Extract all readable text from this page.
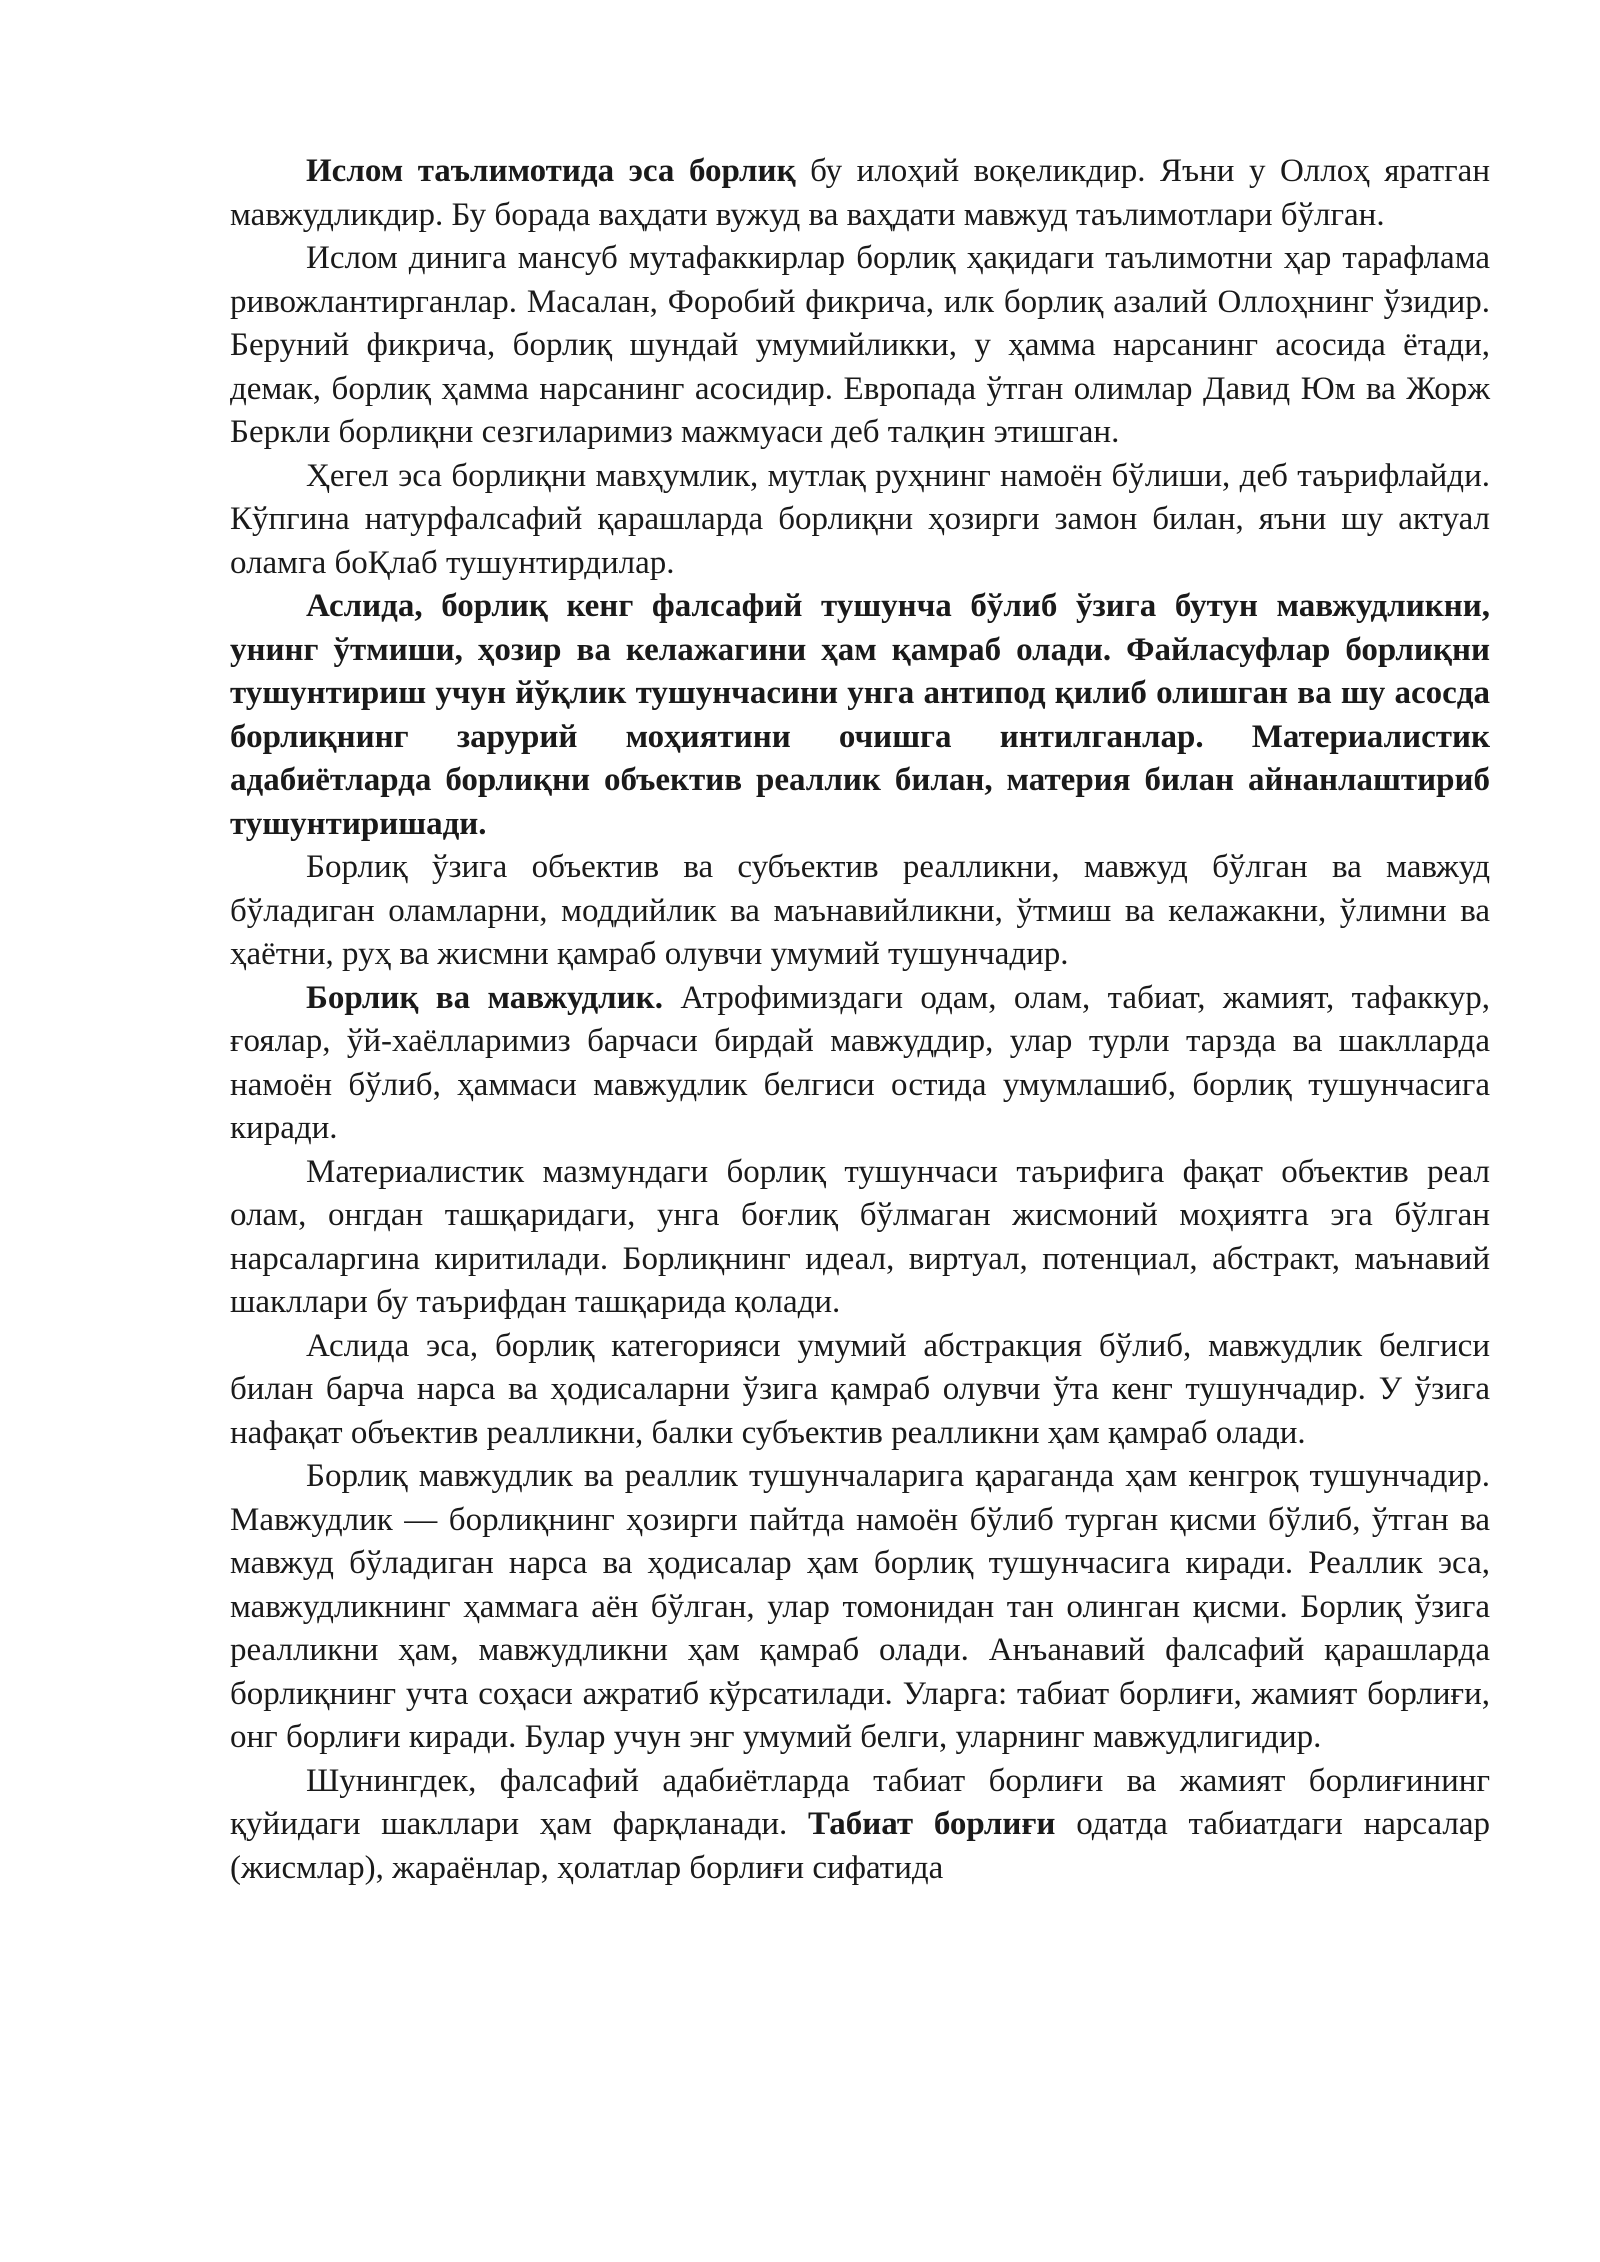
Ислом таълимотида эса борлиқ бу илоҳий воқеликдир. Яъни у Оллоҳ яратган мавжудликдир. Бу борада ваҳдати вужуд ва ваҳдати мавжуд таълимотлари бўлган.

Ислом динига мансуб мутафаккирлар борлиқ ҳақидаги таълимотни ҳар тарафлама ривожлантирганлар. Масалан, Форобий фикрича, илк борлиқ азалий Оллоҳнинг ўзидир. Беруний фикрича, борлиқ шундай умумийликки, у ҳамма нарсанинг асосида ётади, демак, борлиқ ҳамма нарсанинг асосидир. Европада ўтган олимлар Давид Юм ва Жорж Беркли борлиқни сезгиларимиз мажмуаси деб талқин этишган.

Ҳегел эса борлиқни мавҳумлик, мутлақ руҳнинг намоён бўлиши, деб таърифлайди. Кўпгина натурфалсафий қарашларда борлиқни ҳозирги замон билан, яъни шу актуал оламга боҚлаб тушунтирдилар.

Аслида, борлиқ кенг фалсафий тушунча бўлиб ўзига бутун мавжудликни, унинг ўтмиши, ҳозир ва келажагини ҳам қамраб олади. Файласуфлар борлиқни тушунтириш учун йўқлик тушунчасини унга антипод қилиб олишган ва шу асосда борлиқнинг зарурий моҳиятини очишга интилганлар. Материалистик адабиётларда борлиқни объектив реаллик билан, материя билан айнанлаштириб тушунтиришади.

Борлиқ ўзига объектив ва субъектив реалликни, мавжуд бўлган ва мавжуд бўладиган оламларни, моддийлик ва маънавийликни, ўтмиш ва келажакни, ўлимни ва ҳаётни, руҳ ва жисмни қамраб олувчи умумий тушунчадир.

Борлиқ ва мавжудлик. Атрофимиздаги одам, олам, табиат, жамият, тафаккур, ғоялар, ўй-хаёлларимиз барчаси бирдай мавжуддир, улар турли тарзда ва шаклларда намоён бўлиб, ҳаммаси мавжудлик белгиси остида умумлашиб, борлиқ тушунчасига киради.

Материалистик мазмундаги борлиқ тушунчаси таърифига фақат объектив реал олам, онгдан ташқаридаги, унга боғлиқ бўлмаган жисмоний моҳиятга эга бўлган нарсаларгина киритилади. Борлиқнинг идеал, виртуал, потенциал, абстракт, маънавий шакллари бу таърифдан ташқарида қолади.

Аслида эса, борлиқ категорияси умумий абстракция бўлиб, мавжудлик белгиси билан барча нарса ва ҳодисаларни ўзига қамраб олувчи ўта кенг тушунчадир. У ўзига нафақат объектив реалликни, балки субъектив реалликни ҳам қамраб олади.

Борлиқ мавжудлик ва реаллик тушунчаларига қараганда ҳам кенгроқ тушунчадир. Мавжудлик — борлиқнинг ҳозирги пайтда намоён бўлиб турган қисми бўлиб, ўтган ва мавжуд бўладиган нарса ва ҳодисалар ҳам борлиқ тушунчасига киради. Реаллик эса, мавжудликнинг ҳаммага аён бўлган, улар томонидан тан олинган қисми. Борлиқ ўзига реалликни ҳам, мавжудликни ҳам қамраб олади. Анъанавий фалсафий қарашларда борлиқнинг учта соҳаси ажратиб кўрсатилади. Уларга: табиат борлиғи, жамият борлиғи, онг борлиғи киради. Булар учун энг умумий белги, уларнинг мавжудлигидир.

Шунингдек, фалсафий адабиётларда табиат борлиғи ва жамият борлиғининг қуйидаги шакллари ҳам фарқланади. Табиат борлиғи одатда табиатдаги нарсалар (жисмлар), жараёнлар, ҳолатлар борлиғи сифатида
